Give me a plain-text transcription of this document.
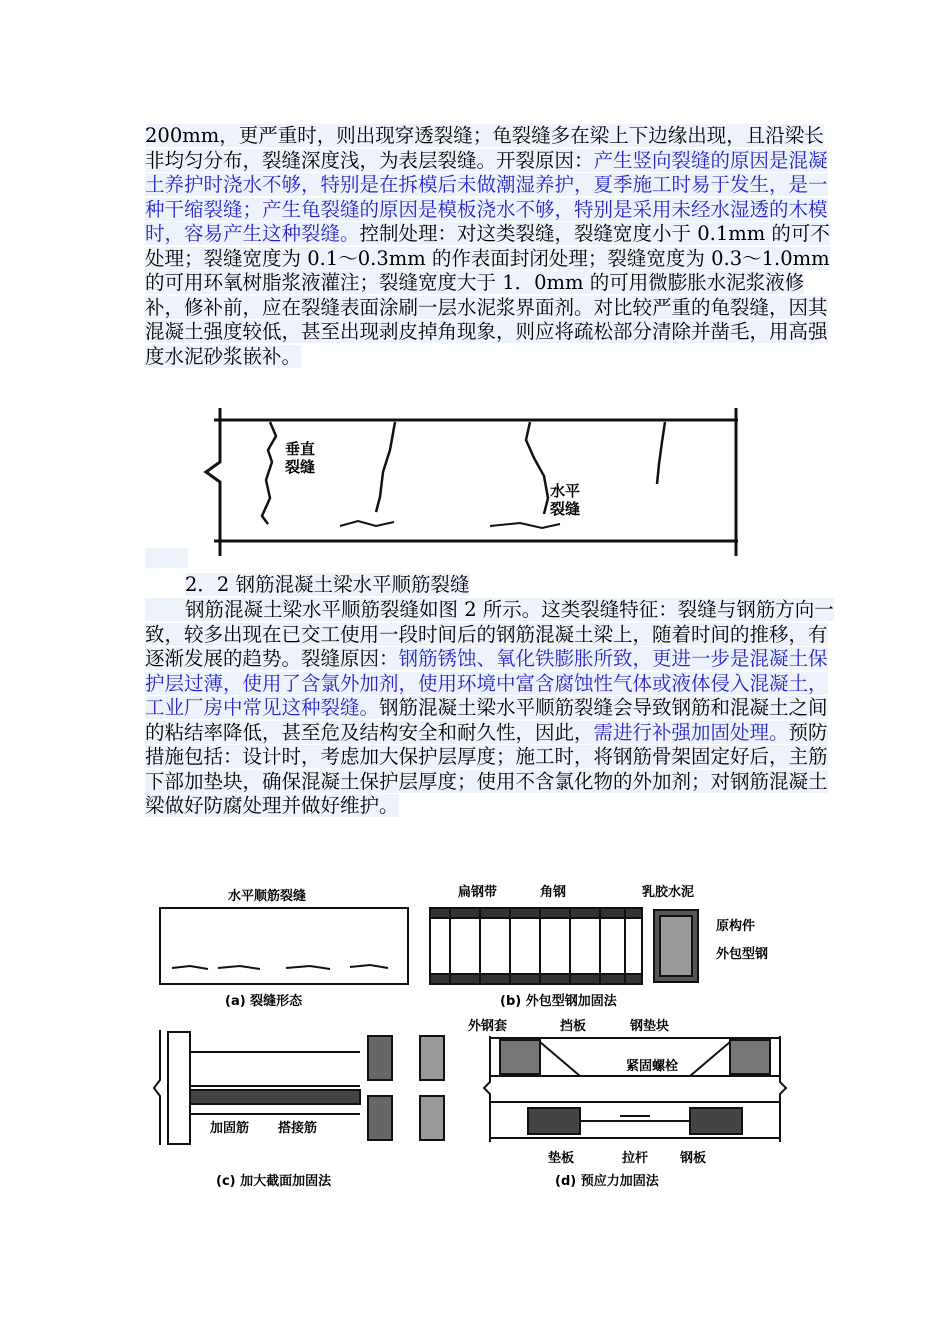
200mm，更严重时，则出现穿透裂缝；龟裂缝多在梁上下边缘出现，且沿梁长非均匀分布，裂缝深度浅，为表层裂缝。开裂原因：产生竖向裂缝的原因是混凝土养护时浇水不够，特别是在拆模后未做潮湿养护，夏季施工时易于发生，是一种干缩裂缝；产生龟裂缝的原因是模板浇水不够，特别是采用未经水湿透的木模时，容易产生这种裂缝。控制处理：对这类裂缝，裂缝宽度小于 0.1mm 的可不处理；裂缝宽度为 0.1～0.3mm 的作表面封闭处理；裂缝宽度为 0.3～1.0mm 的可用环氧树脂浆液灌注；裂缝宽度大于 1．0mm 的可用微膨胀水泥浆液修补，修补前，应在裂缝表面涂刷一层水泥浆界面剂。对比较严重的龟裂缝，因其混凝土强度较低，甚至出现剥皮掉角现象，则应将疏松部分清除并凿毛，用高强度水泥砂浆嵌补。
垂直
裂缝
水平
裂缝
2．2 钢筋混凝土梁水平顺筋裂缝
钢筋混凝土梁水平顺筋裂缝如图 2 所示。这类裂缝特征：裂缝与钢筋方向一致，较多出现在已交工使用一段时间后的钢筋混凝土梁上，随着时间的推移，有逐渐发展的趋势。裂缝原因：钢筋锈蚀、氧化铁膨胀所致，更进一步是混凝土保护层过薄，使用了含氯外加剂，使用环境中富含腐蚀性气体或液体侵入混凝土，工业厂房中常见这种裂缝。钢筋混凝土梁水平顺筋裂缝会导致钢筋和混凝土之间的粘结率降低，甚至危及结构安全和耐久性，因此，需进行补强加固处理。预防措施包括：设计时，考虑加大保护层厚度；施工时，将钢筋骨架固定好后，主筋下部加垫块，确保混凝土保护层厚度；使用不含氯化物的外加剂；对钢筋混凝土梁做好防腐处理并做好维护。
水平顺筋裂缝
(a) 裂缝形态
扁钢带	角钢	乳胶水泥
原构件
外包型钢
(b) 外包型钢加固法
加固筋 搭接筋
(c) 加大截面加固法
外钢套	挡板	钢垫块
紧固螺栓
垫板	拉杆 钢板
(d) 预应力加固法
